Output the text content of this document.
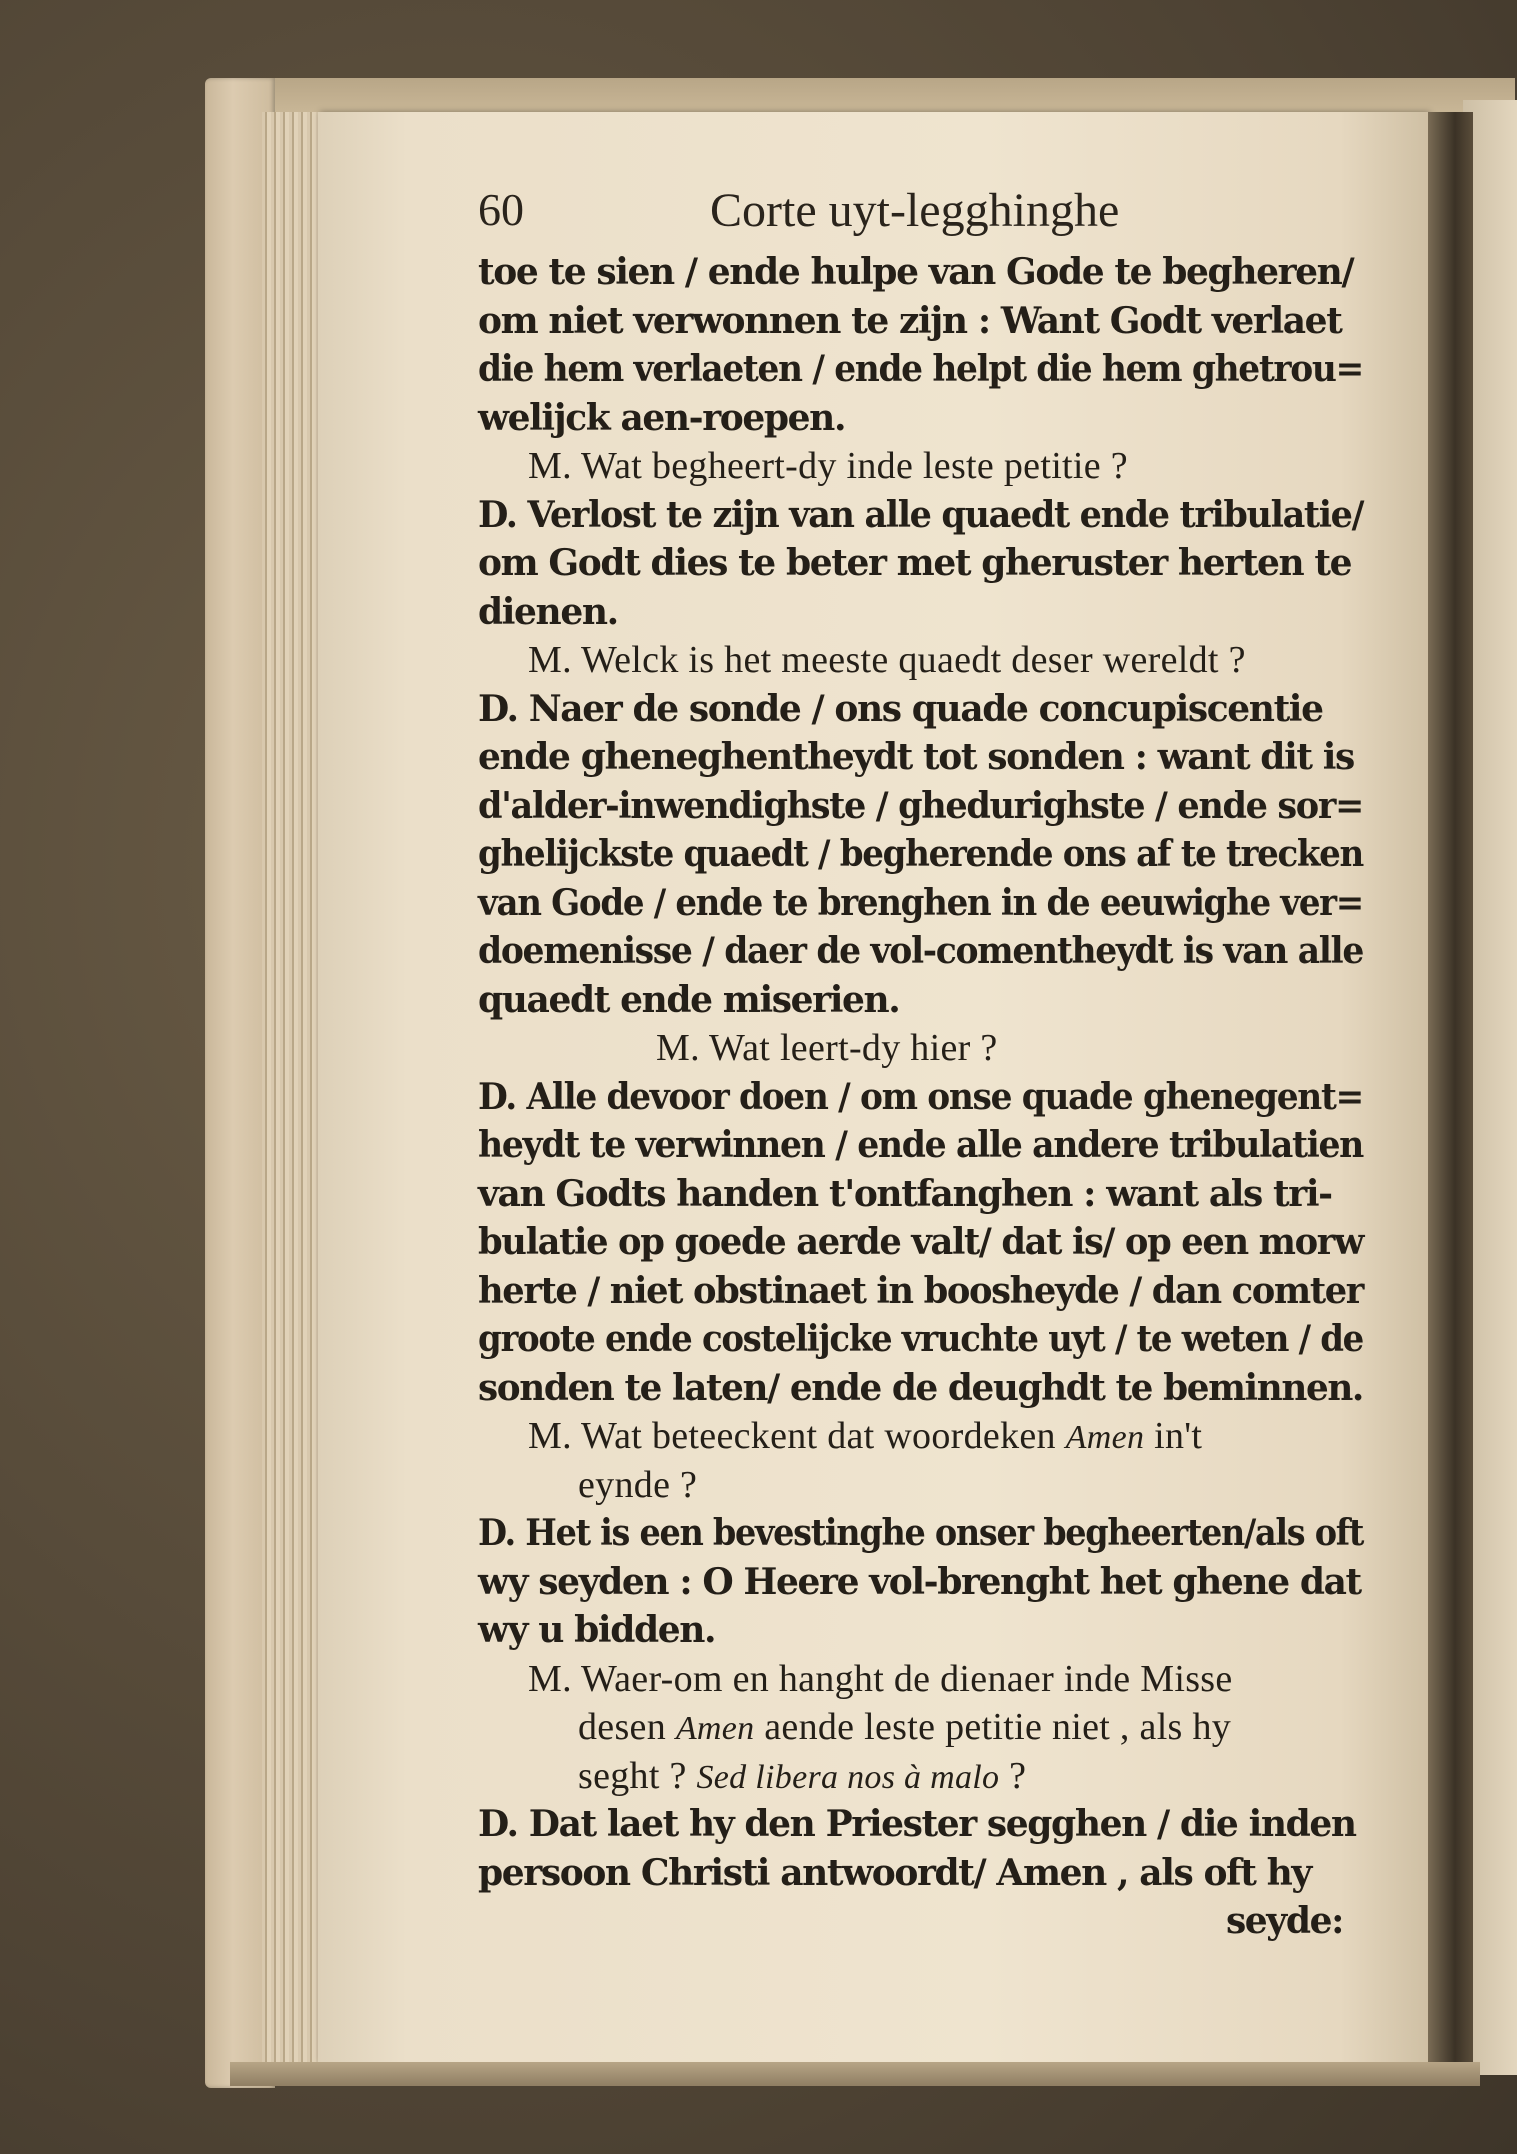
60	Corte uyt-legghinghe
toe te sien / ende hulpe van Gode te begheren/
om niet verwonnen te zijn : Want Godt verlaet
die hem verlaeten / ende helpt die hem ghetrou=
welijck aen-roepen.
M. Wat begheert-dy inde leste petitie ?
D. Verlost te zijn van alle quaedt ende tribulatie/
om Godt dies te beter met gheruster herten te
dienen.
M. Welck is het meeste quaedt deser wereldt ?
D. Naer de sonde / ons quade concupiscentie
ende gheneghentheydt tot sonden : want dit is
d'alder-inwendighste / ghedurighste / ende sor=
ghelijckste quaedt / begherende ons af te trecken
van Gode / ende te brenghen in de eeuwighe ver=
doemenisse / daer de vol-comentheydt is van alle
quaedt ende miserien.
M. Wat leert-dy hier ?
D. Alle devoor doen / om onse quade ghenegent=
heydt te verwinnen / ende alle andere tribulatien
van Godts handen t'ontfanghen : want als tri-
bulatie op goede aerde valt/ dat is/ op een morw
herte / niet obstinaet in boosheyde / dan comter
groote ende costelijcke vruchte uyt / te weten / de
sonden te laten/ ende de deughdt te beminnen.
M. Wat beteeckent dat woordeken Amen in't
eynde ?
D. Het is een bevestinghe onser begheerten/als oft
wy seyden : O Heere vol-brenght het ghene dat
wy u bidden.
M. Waer-om en hanght de dienaer inde Misse
desen Amen aende leste petitie niet , als hy
seght ? Sed libera nos à malo ?
D. Dat laet hy den Priester segghen / die inden
persoon Christi antwoordt/ Amen , als oft hy
seyde:
